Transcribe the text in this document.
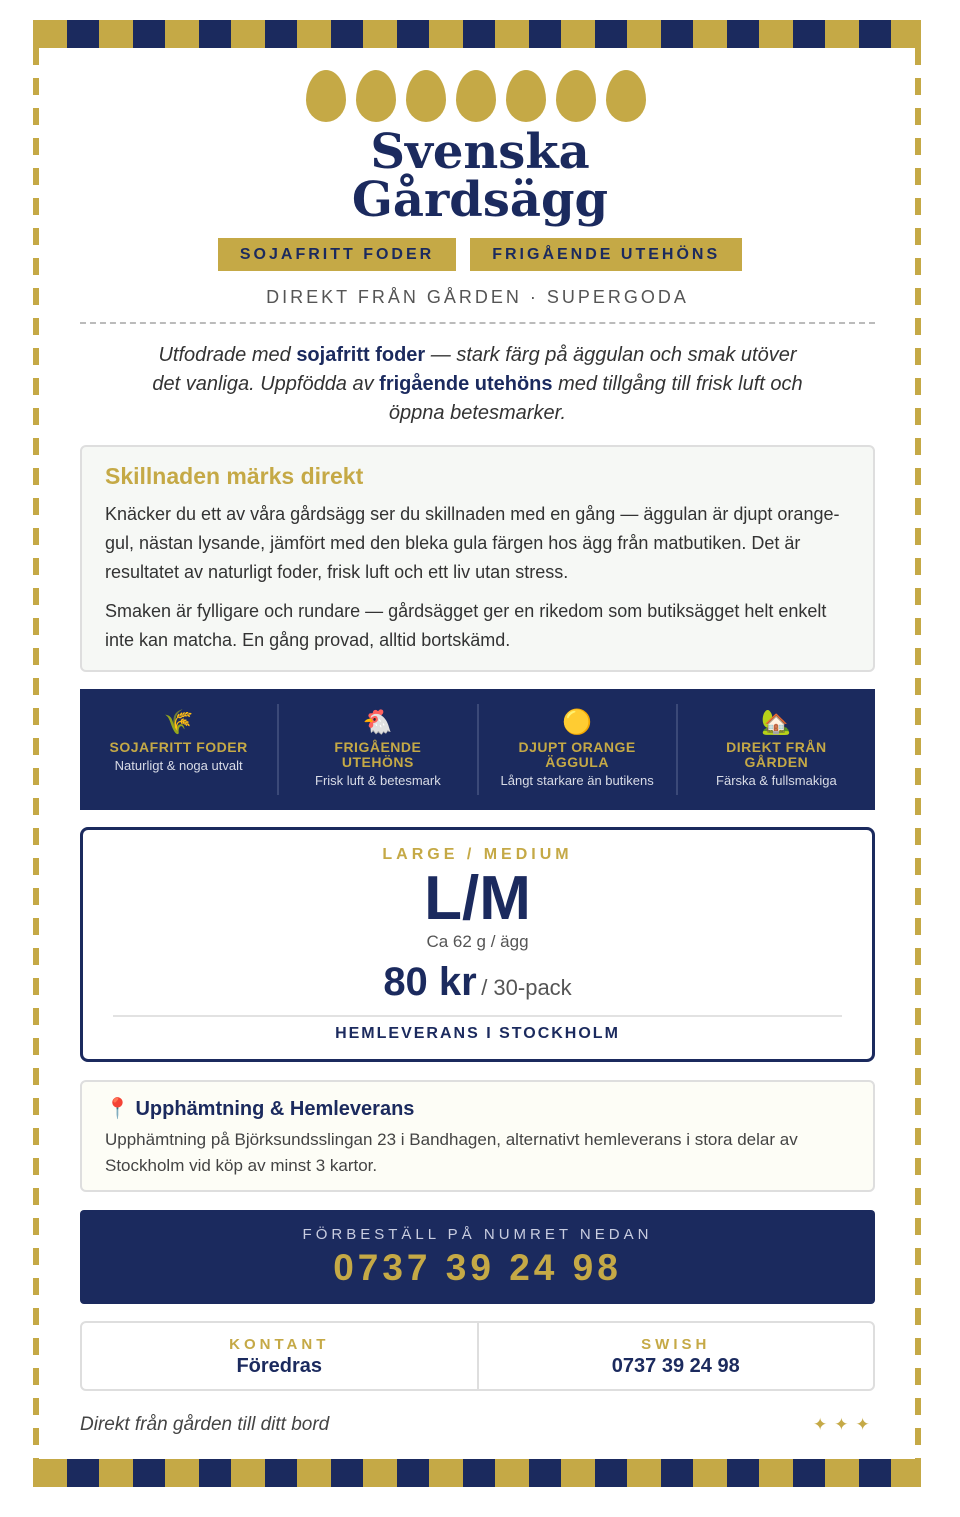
Svenska
Gårdsägg
SOJAFRITT FODER	FRIGÅENDE UTEHÖNS
DIREKT FRÅN GÅRDEN · SUPERGODA

Utfodrade med sojafritt foder — stark färg på äggulan och smak utöver det vanliga. Uppfödda av frigående utehöns med tillgång till frisk luft och öppna betesmarker.

Skillnaden märks direkt

Knäcker du ett av våra gårdsägg ser du skillnaden med en gång — äggulan är djupt orange-gul, nästan lysande, jämfört med den bleka gula färgen hos ägg från matbutiken. Det är resultatet av naturligt foder, frisk luft och ett liv utan stress.

Smaken är fylligare och rundare — gårdsägget ger en rikedom som butiksägget helt enkelt inte kan matcha. En gång provad, alltid bortskämd.

🌾
SOJAFRITT FODER
Naturligt & noga utvalt
🐔
FRIGÅENDE UTEHÖNS
Frisk luft & betesmark
🟡
DJUPT ORANGE ÄGGULA
Långt starkare än butikens
🏡
DIREKT FRÅN GÅRDEN
Färska & fullsmakiga
LARGE / MEDIUM
L/M
Ca 62 g / ägg
80 kr / 30-pack
HEMLEVERANS I STOCKHOLM
📍 Upphämtning & Hemleverans

Upphämtning på Björksundsslingan 23 i Bandhagen, alternativt hemleverans i stora delar av Stockholm vid köp av minst 3 kartor.

FÖRBESTÄLL PÅ NUMRET NEDAN
0737 39 24 98
KONTANT
Föredras
SWISH
0737 39 24 98
Direkt från gården till ditt bord	✦✦✦
